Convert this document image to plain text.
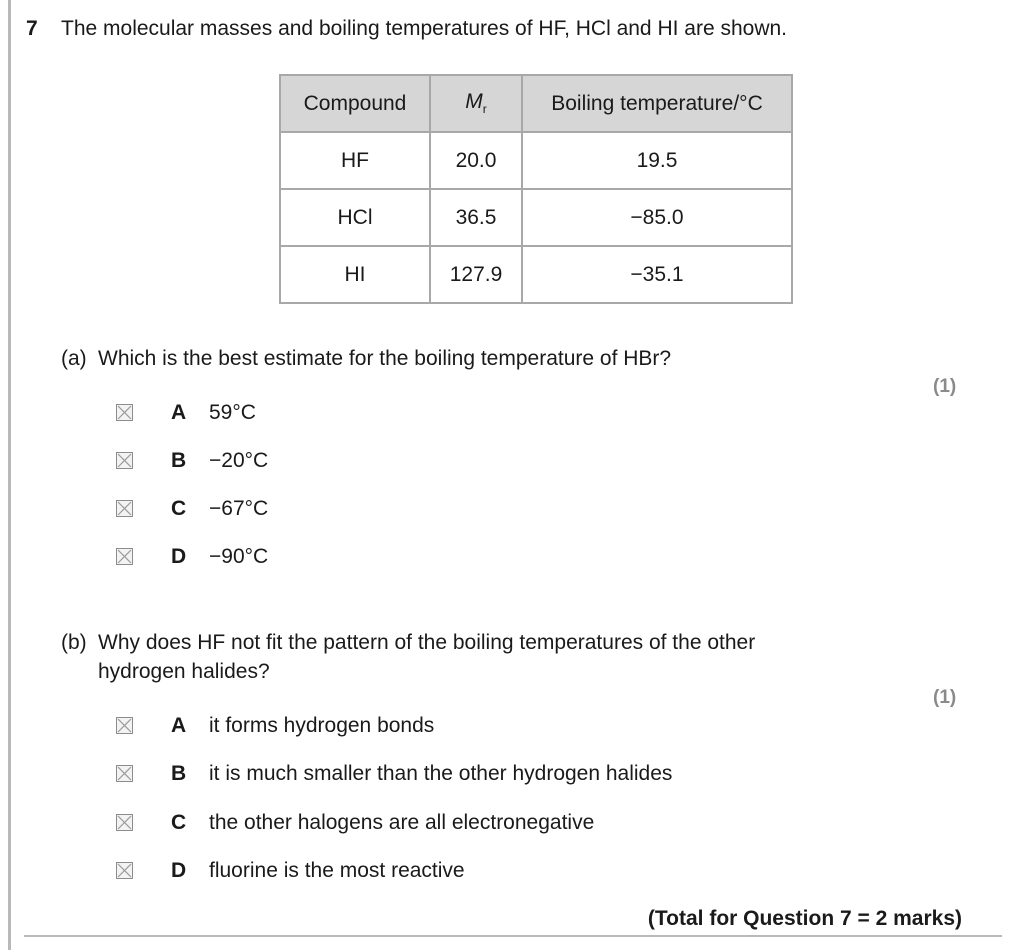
7 The molecular masses and boiling temperatures of HF, HCl and HI are shown.
Compound	$M_r$	Boiling temperature/°C
HF	20.0	19.5
HCl	36.5	−85.0
HI	127.9	−35.1
(a) Which is the best estimate for the boiling temperature of HBr?
(1)
A 59°C
B −20°C
C −67°C
D −90°C
(b) Why does HF not fit the pattern of the boiling temperatures of the other
hydrogen halides?
(1)
A it forms hydrogen bonds
B it is much smaller than the other hydrogen halides
C the other halogens are all electronegative
D fluorine is the most reactive
(Total for Question 7 = 2 marks)
